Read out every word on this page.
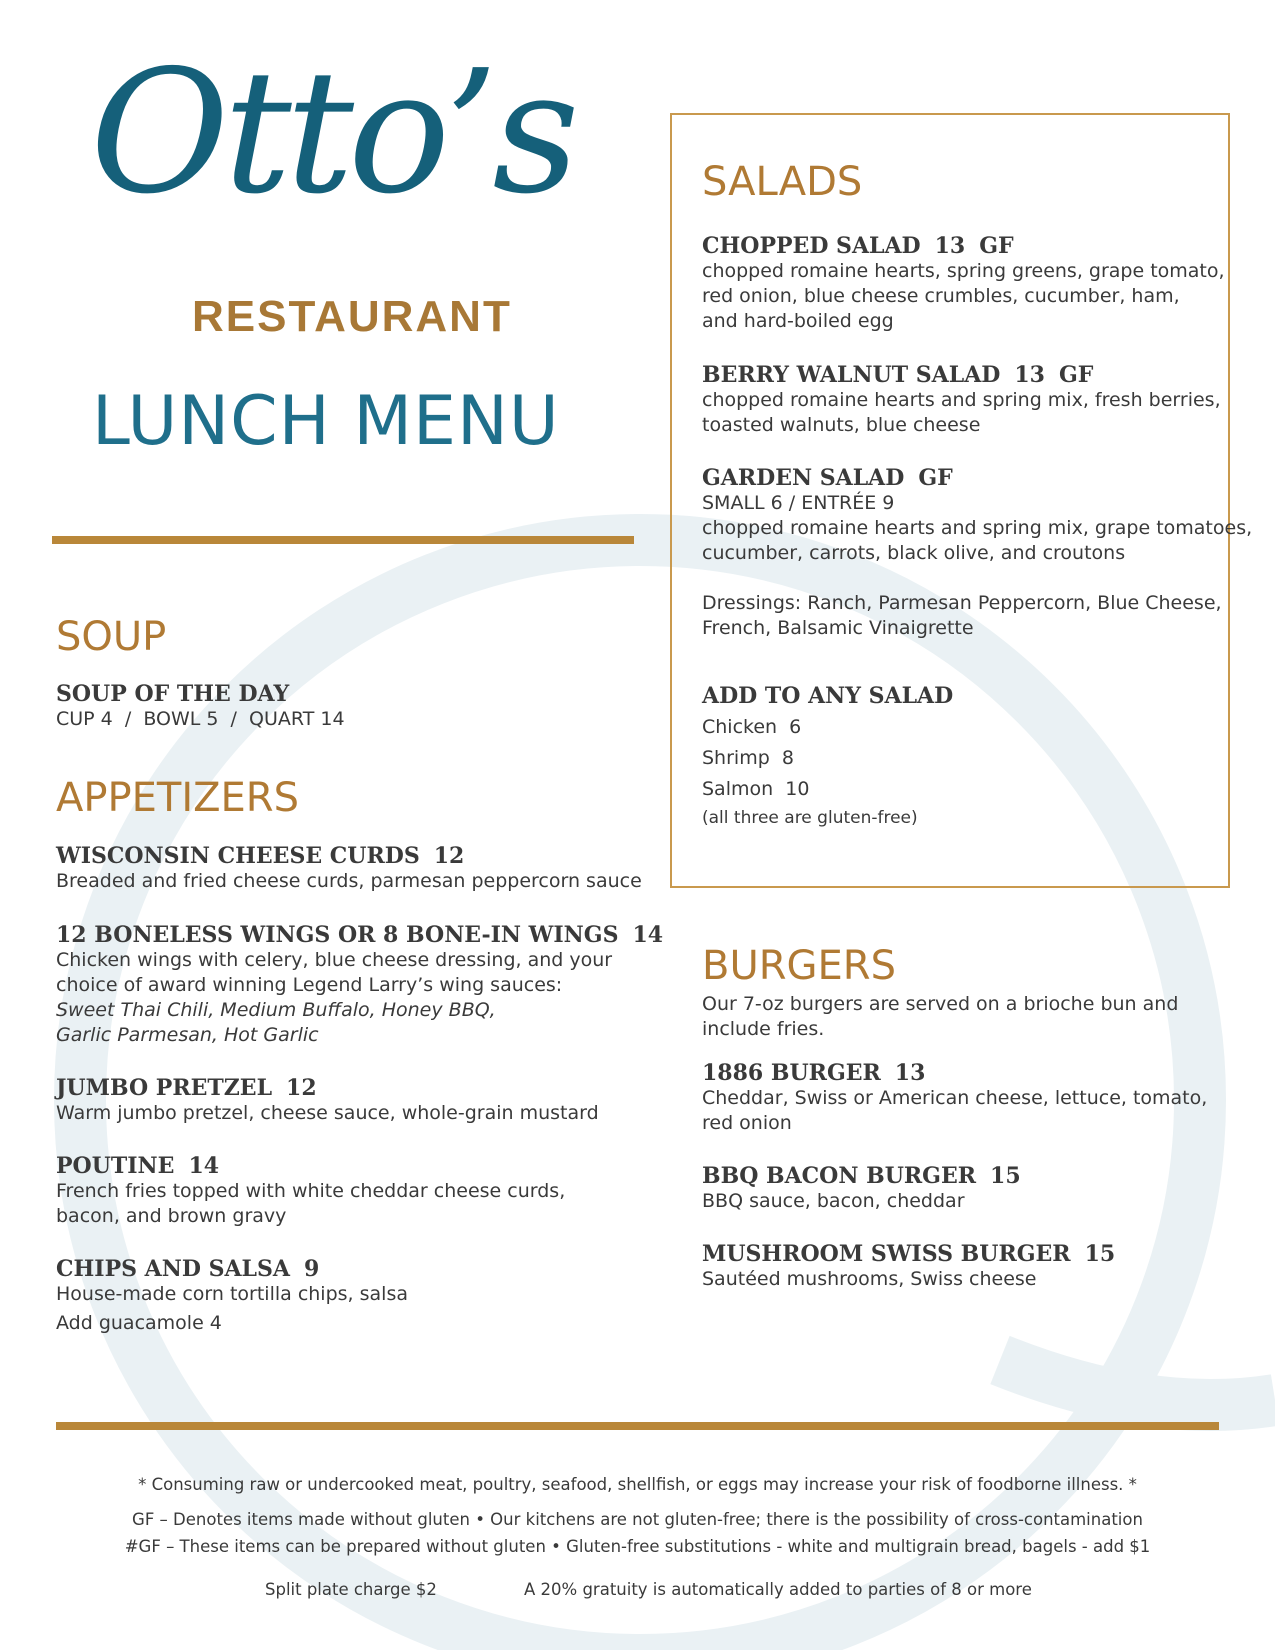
Otto’s
RESTAURANT
LUNCH MENU
SOUP
SOUP OF THE DAY
CUP 4  /  BOWL 5  /  QUART 14
APPETIZERS
WISCONSIN CHEESE CURDS 12
Breaded and fried cheese curds, parmesan peppercorn sauce
12 BONELESS WINGS OR 8 BONE-IN WINGS 14
Chicken wings with celery, blue cheese dressing, and your
choice of award winning Legend Larry’s wing sauces:
Sweet Thai Chili, Medium Buffalo, Honey BBQ,
Garlic Parmesan, Hot Garlic
JUMBO PRETZEL 12
Warm jumbo pretzel, cheese sauce, whole-grain mustard
POUTINE 14
French fries topped with white cheddar cheese curds,
bacon, and brown gravy
CHIPS AND SALSA 9
House-made corn tortilla chips, salsa
Add guacamole 4
SALADS
CHOPPED SALAD 13 GF
chopped romaine hearts, spring greens, grape tomato,
red onion, blue cheese crumbles, cucumber, ham,
and hard-boiled egg
BERRY WALNUT SALAD 13 GF
chopped romaine hearts and spring mix, fresh berries,
toasted walnuts, blue cheese
GARDEN SALAD GF
SMALL 6 / ENTRÉE 9
chopped romaine hearts and spring mix, grape tomatoes,
cucumber, carrots, black olive, and croutons
Dressings: Ranch, Parmesan Peppercorn, Blue Cheese,
French, Balsamic Vinaigrette
ADD TO ANY SALAD
Chicken  6
Shrimp  8
Salmon  10
(all three are gluten-free)
BURGERS
Our 7-oz burgers are served on a brioche bun and
include fries.
1886 BURGER 13
Cheddar, Swiss or American cheese, lettuce, tomato,
red onion
BBQ BACON BURGER 15
BBQ sauce, bacon, cheddar
MUSHROOM SWISS BURGER 15
Sautéed mushrooms, Swiss cheese
* Consuming raw or undercooked meat, poultry, seafood, shellfish, or eggs may increase your risk of foodborne illness. *
GF – Denotes items made without gluten • Our kitchens are not gluten-free; there is the possibility of cross-contamination
#GF – These items can be prepared without gluten • Gluten-free substitutions - white and multigrain bread, bagels - add $1
Split plate charge $2	A 20% gratuity is automatically added to parties of 8 or more
